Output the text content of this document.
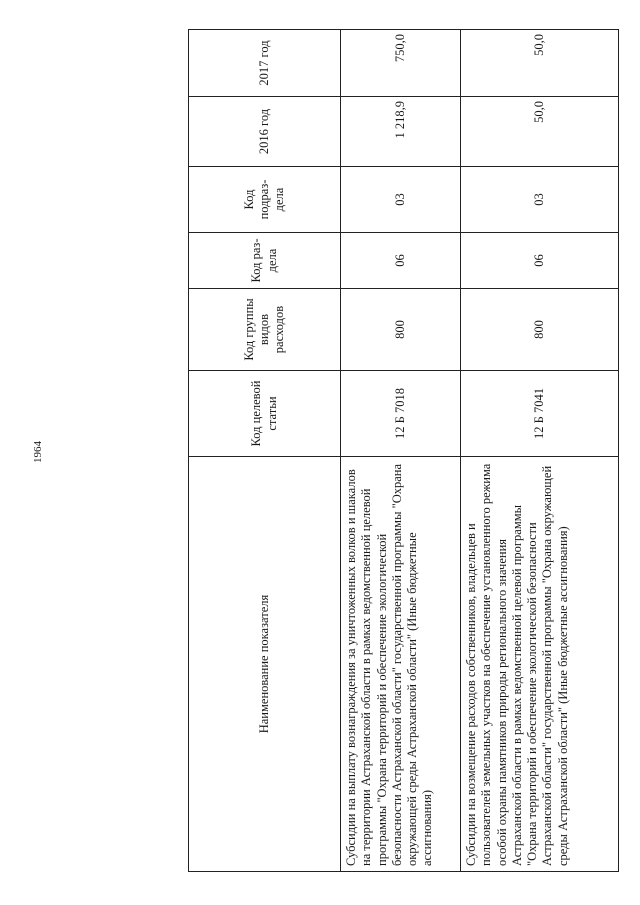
1964
Наименование показателя	Код целевой статьи	Код группы видов расходов	Код раз-дела	Код подраз-дела	2016 год	2017 год
Субсидии на выплату вознаграждения за уничтоженных волков и шакалов на территории Астраханской области в рамках ведомственной целевой программы "Охрана территорий и обеспечение экологической безопасности Астраханской области" государственной программы "Охрана окружающей среды Астраханской области" (Иные бюджетные ассигнования)	12 Б 7018	800	06	03	1 218,9	750,0
Субсидии на возмещение расходов собственников, владельцев и пользователей земельных участков на обеспечение установленного режима особой охраны памятников природы регионального значения Астраханской области в рамках ведомственной целевой программы "Охрана территорий и обеспечение экологической безопасности Астраханской области" государственной программы "Охрана окружающей среды Астраханской области" (Иные бюджетные ассигнования)	12 Б 7041	800	06	03	50,0	50,0
